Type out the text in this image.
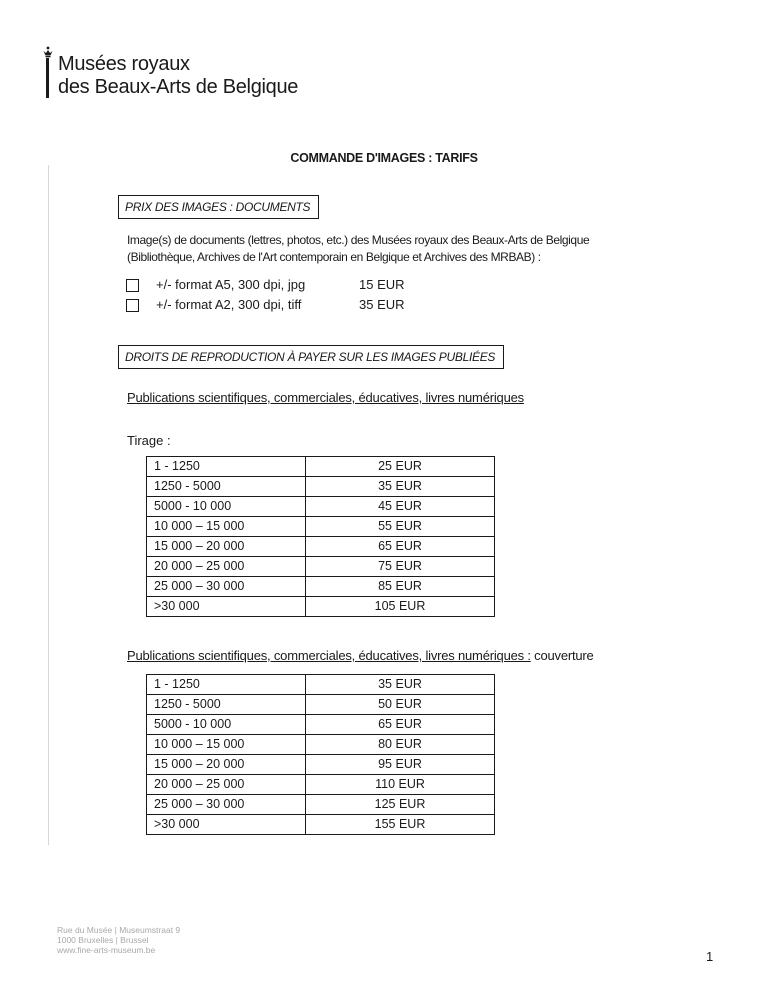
Musées royaux
des Beaux-Arts de Belgique
COMMANDE D'IMAGES : TARIFS
PRIX DES IMAGES : DOCUMENTS
Image(s) de documents (lettres, photos, etc.) des Musées royaux des Beaux-Arts de Belgique
(Bibliothèque, Archives de l'Art contemporain en Belgique et Archives des MRBAB) :
+/- format A5, 300 dpi, jpg	15 EUR
+/- format A2, 300 dpi, tiff	35 EUR
DROITS DE REPRODUCTION À PAYER SUR LES IMAGES PUBLIÉES
Publications scientifiques, commerciales, éducatives, livres numériques
Tirage :
1 - 1250	25 EUR
1250 - 5000	35 EUR
5000 - 10 000	45 EUR
10 000 – 15 000	55 EUR
15 000 – 20 000	65 EUR
20 000 – 25 000	75 EUR
25 000 – 30 000	85 EUR
>30 000	105 EUR
Publications scientifiques, commerciales, éducatives, livres numériques : couverture
1 - 1250	35 EUR
1250 - 5000	50 EUR
5000 - 10 000	65 EUR
10 000 – 15 000	80 EUR
15 000 – 20 000	95 EUR
20 000 – 25 000	110 EUR
25 000 – 30 000	125 EUR
>30 000	155 EUR
Rue du Musée | Museumstraat 9
1000 Bruxelles | Brussel
www.fine-arts-museum.be	1
